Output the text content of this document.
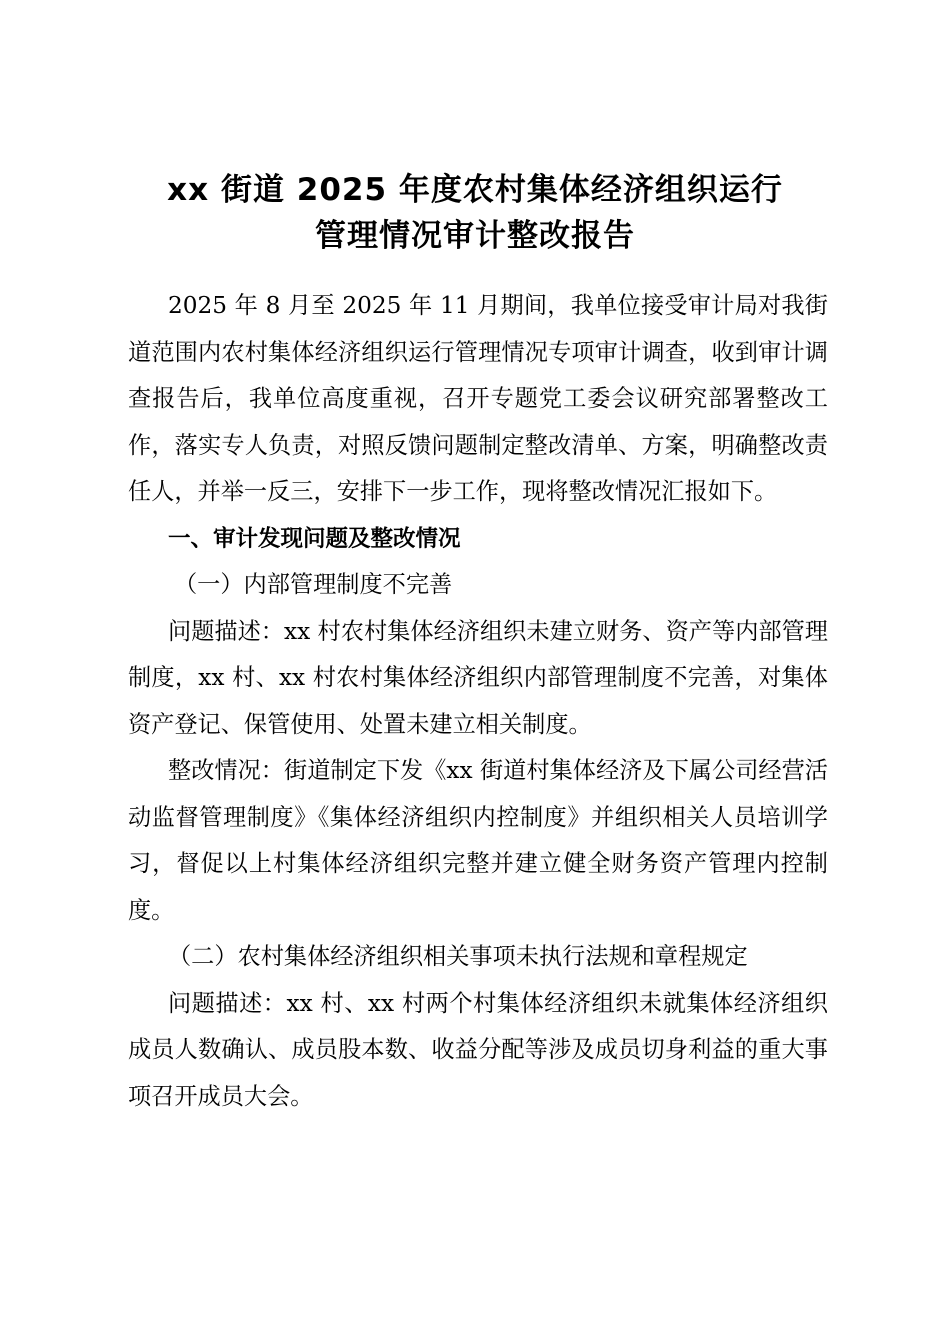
xx 街道 2025 年度农村集体经济组织运行
管理情况审计整改报告

2025 年 8 月至 2025 年 11 月期间，我单位接受审计局对我街道范围内农村集体经济组织运行管理情况专项审计调查，收到审计调查报告后，我单位高度重视，召开专题党工委会议研究部署整改工作，落实专人负责，对照反馈问题制定整改清单、方案，明确整改责任人，并举一反三，安排下一步工作，现将整改情况汇报如下。

一、审计发现问题及整改情况

（一）内部管理制度不完善

问题描述：xx 村农村集体经济组织未建立财务、资产等内部管理制度，xx 村、xx 村农村集体经济组织内部管理制度不完善，对集体资产登记、保管使用、处置未建立相关制度。

整改情况：街道制定下发《xx 街道村集体经济及下属公司经营活动监督管理制度》《集体经济组织内控制度》并组织相关人员培训学习，督促以上村集体经济组织完整并建立健全财务资产管理内控制度。

（二）农村集体经济组织相关事项未执行法规和章程规定

问题描述：xx 村、xx 村两个村集体经济组织未就集体经济组织成员人数确认、成员股本数、收益分配等涉及成员切身利益的重大事项召开成员大会。
